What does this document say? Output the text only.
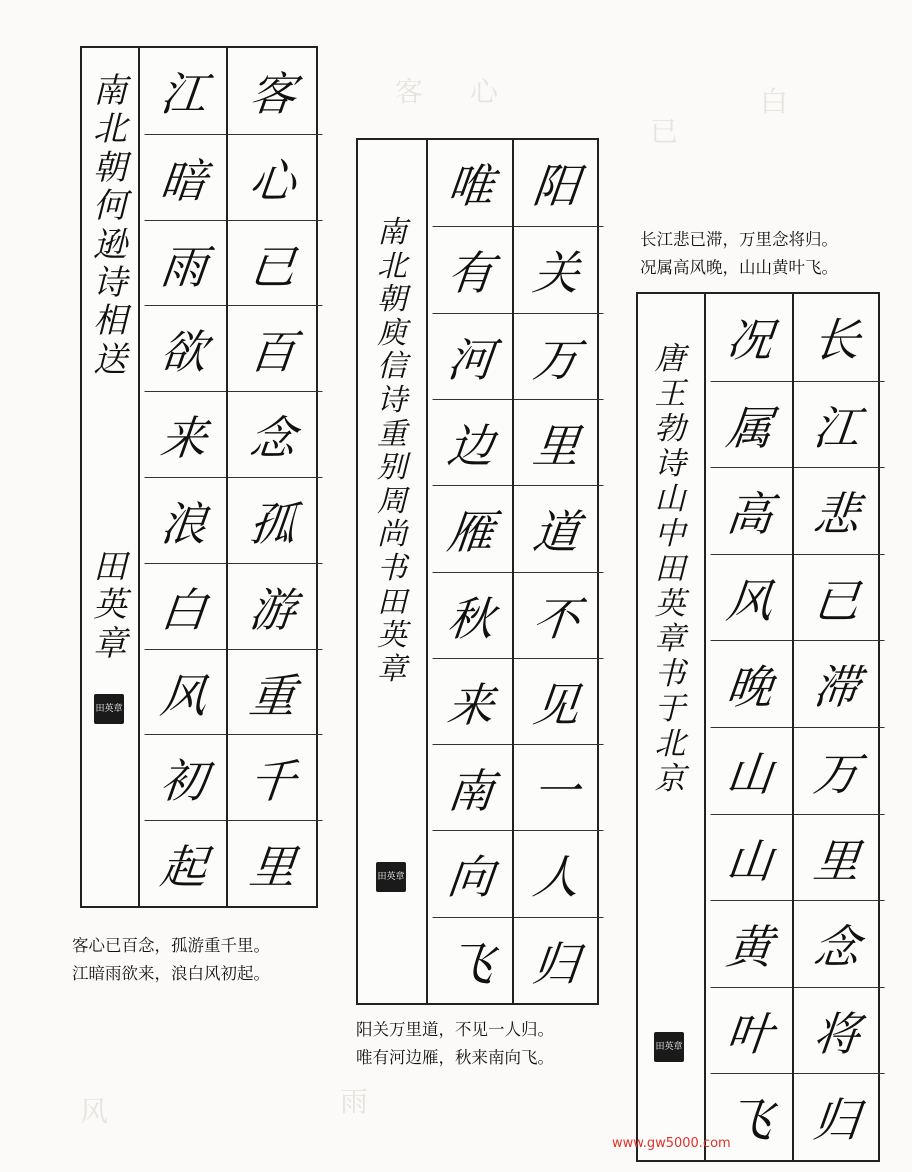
客 心
已
白
雨
风
南
北
朝
何
逊
诗
相
送
田
英
章
田英章
江
暗
雨
欲
来
浪
白
风
初
起
客
心
已
百
念
孤
游
重
千
里
客心已百念，孤游重千里。
江暗雨欲来，浪白风初起。
南
北
朝
庾
信
诗
重
别
周
尚
书
田
英
章
田英章
唯
有
河
边
雁
秋
来
南
向
飞
阳
关
万
里
道
不
见
一
人
归
阳关万里道，不见一人归。
唯有河边雁，秋来南向飞。
长江悲已滞，万里念将归。
况属高风晚，山山黄叶飞。
唐
王
勃
诗
山
中
田
英
章
书
于
北
京
田英章
况
属
高
风
晚
山
山
黄
叶
飞
长
江
悲
已
滞
万
里
念
将
归
www.gw5000.com
